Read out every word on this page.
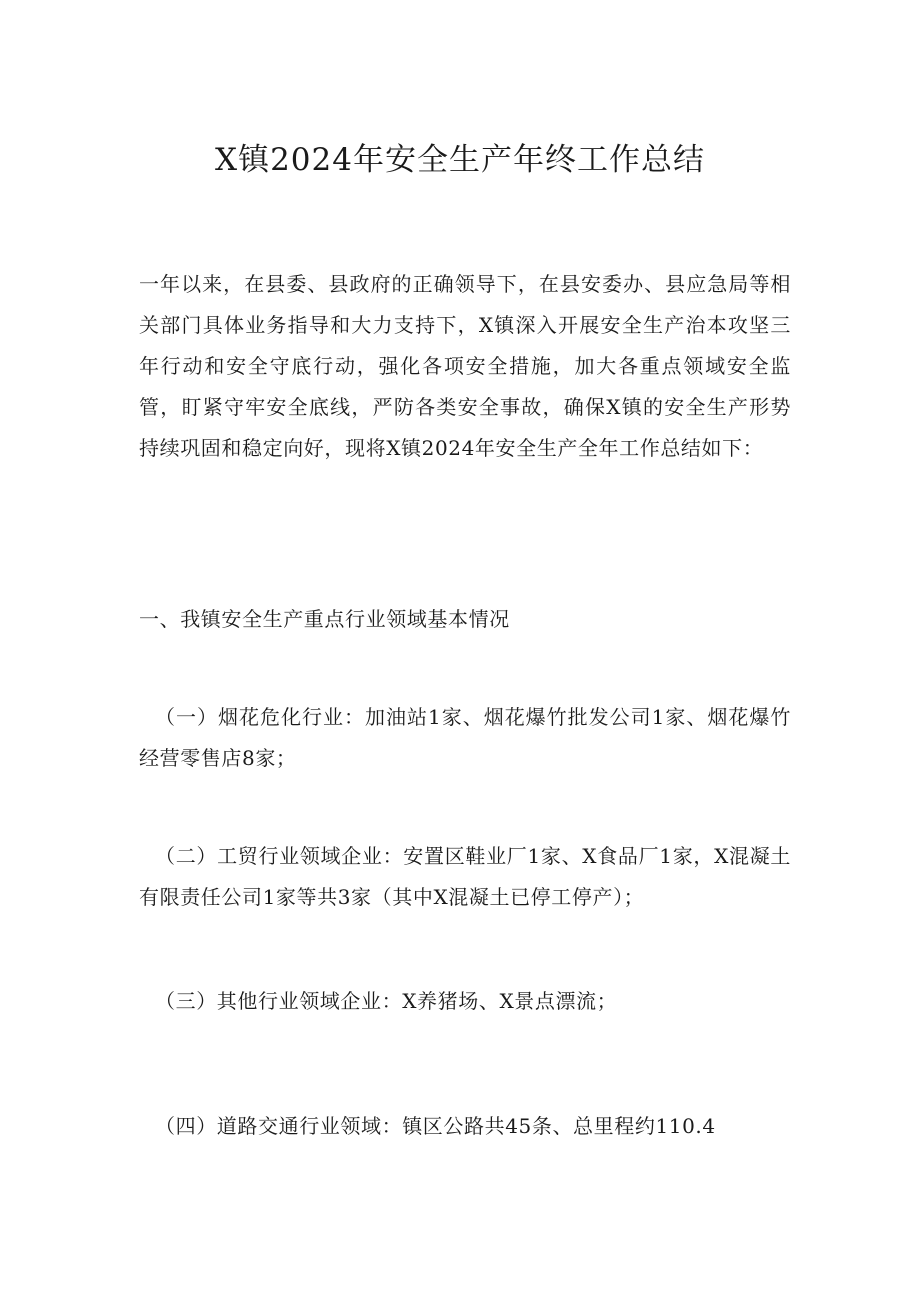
X镇2024年安全生产年终工作总结

一年以来，在县委、县政府的正确领导下，在县安委办、县应急局等相关部门具体业务指导和大力支持下，X镇深入开展安全生产治本攻坚三年行动和安全守底行动，强化各项安全措施，加大各重点领域安全监管，盯紧守牢安全底线，严防各类安全事故，确保X镇的安全生产形势持续巩固和稳定向好，现将X镇2024年安全生产全年工作总结如下：

一、我镇安全生产重点行业领域基本情况

（一）烟花危化行业：加油站1家、烟花爆竹批发公司1家、烟花爆竹经营零售店8家；

（二）工贸行业领域企业：安置区鞋业厂1家、X食品厂1家，X混凝土有限责任公司1家等共3家（其中X混凝土已停工停产）；

（三）其他行业领域企业：X养猪场、X景点漂流；

（四）道路交通行业领域：镇区公路共45条、总里程约110.4
